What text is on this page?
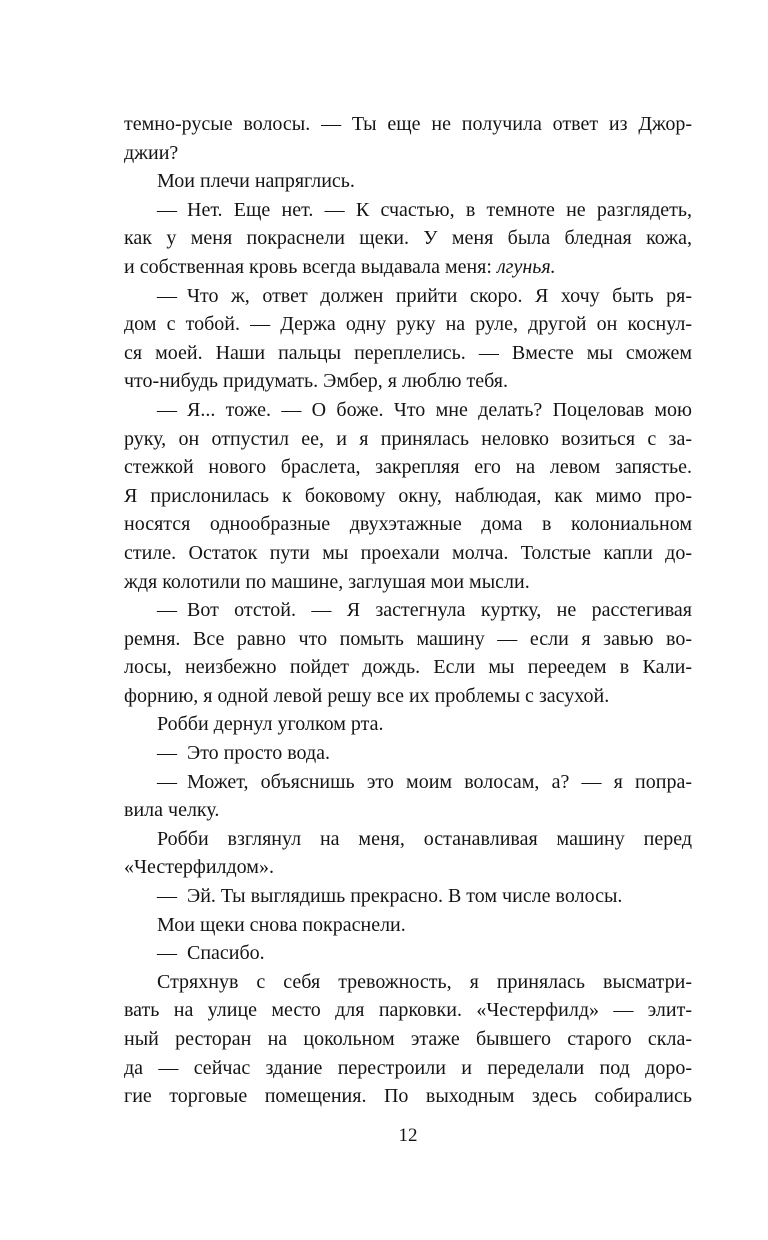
темно-русые волосы. — Ты еще не получила ответ из Джор-
джии?
Мои плечи напряглись.
— Нет. Еще нет. — К счастью, в темноте не разглядеть,
как у меня покраснели щеки. У меня была бледная кожа,
и собственная кровь всегда выдавала меня: лгунья.
— Что ж, ответ должен прийти скоро. Я хочу быть ря-
дом с тобой. — Держа одну руку на руле, другой он коснул-
ся моей. Наши пальцы переплелись. — Вместе мы сможем
что-нибудь придумать. Эмбер, я люблю тебя.
— Я... тоже. — О боже. Что мне делать? Поцеловав мою
руку, он отпустил ее, и я принялась неловко возиться с за-
стежкой нового браслета, закрепляя его на левом запястье.
Я прислонилась к боковому окну, наблюдая, как мимо про-
носятся однообразные двухэтажные дома в колониальном
стиле. Остаток пути мы проехали молча. Толстые капли до-
ждя колотили по машине, заглушая мои мысли.
— Вот отстой. — Я застегнула куртку, не расстегивая
ремня. Все равно что помыть машину — если я завью во-
лосы, неизбежно пойдет дождь. Если мы переедем в Кали-
форнию, я одной левой решу все их проблемы с засухой.
Робби дернул уголком рта.
— Это просто вода.
— Может, объяснишь это моим волосам, а? — я попра-
вила челку.
Робби взглянул на меня, останавливая машину перед
«Честерфилдом».
— Эй. Ты выглядишь прекрасно. В том числе волосы.
Мои щеки снова покраснели.
— Спасибо.
Стряхнув с себя тревожность, я принялась высматри-
вать на улице место для парковки. «Честерфилд» — элит-
ный ресторан на цокольном этаже бывшего старого скла-
да — сейчас здание перестроили и переделали под доро-
гие торговые помещения. По выходным здесь собирались
12
